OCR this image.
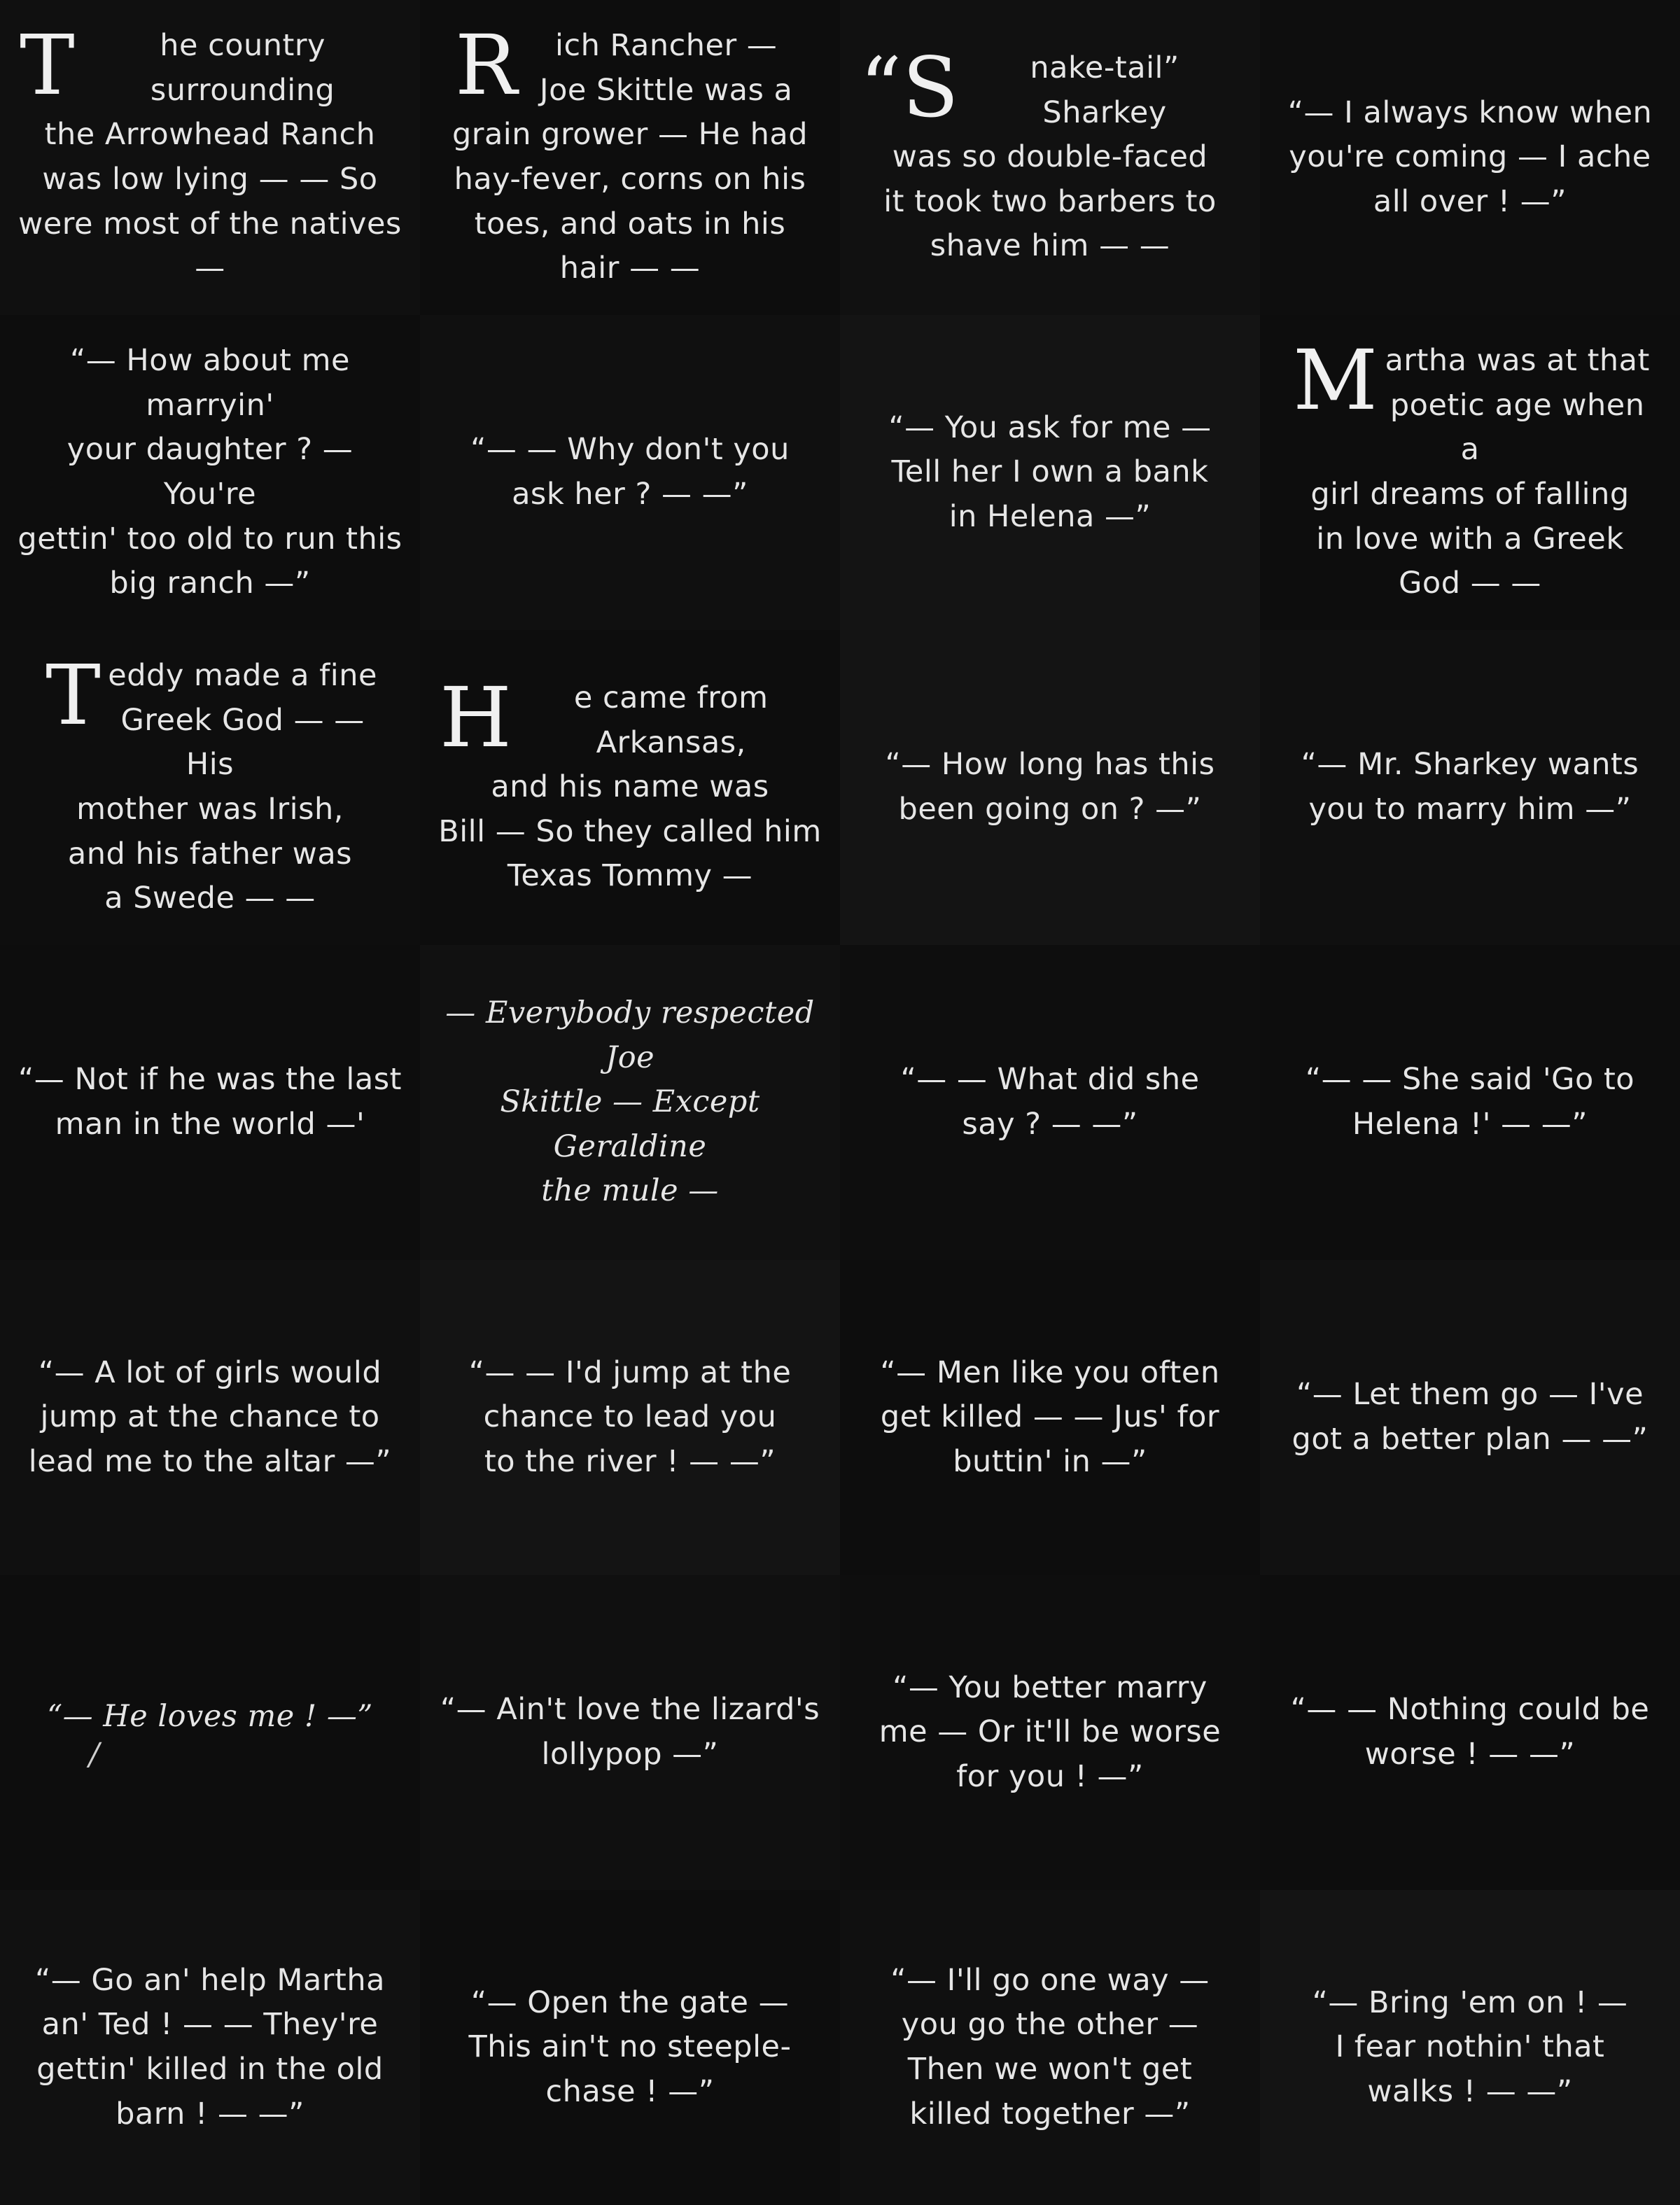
T	he country surrounding
the Arrowhead Ranch
was low lying — — So
were most of the natives—

R ich Rancher —
Joe Skittle was a
grain grower — He had
hay-fever, corns on his
toes, and oats in his
hair — —

“S nake-tail” Sharkey
was so double-faced
it took two barbers to
shave him — —

“— I always know when
you're coming — I ache
all over ! —”

“— How about me marryin'
your daughter ? — You're
gettin' too old to run this
big ranch —”

“— — Why don't you
ask her ? — —”

“— You ask for me —
Tell her I own a bank
in Helena —”

Martha was at that
poetic age when a
girl dreams of falling
in love with a Greek
God — —

Teddy made a fine
Greek God — — His
mother was Irish,
and his father was
a Swede — —

H e came from Arkansas,
and his name was
Bill — So they called him
Texas Tommy —

“— How long has this
been going on ? —”

“— Mr. Sharkey wants
you to marry him —”

“— Not if he was the last
man in the world —'

— Everybody respected Joe
Skittle — Except Geraldine
the mule —

“— — What did she
say ? — —”

“— — She said 'Go to
Helena !' — —”

“— A lot of girls would
jump at the chance to
lead me to the altar —”

“— — I'd jump at the
chance to lead you
to the river ! — —”

“— Men like you often
get killed — — Jus' for
buttin' in —”

“— Let them go — I've
got a better plan — —”

“— He loves me ! —”

/

“— Ain't love the lizard's
lollypop —”

“— You better marry
me — Or it'll be worse
for you ! —”

“— — Nothing could be
worse ! — —”

“— Go an' help Martha
an' Ted ! — — They're
gettin' killed in the old
barn ! — —”

“— Open the gate —
This ain't no steeple-
chase ! —”

“— I'll go one way —
you go the other —
Then we won't get
killed together —”

“— Bring 'em on ! —
I fear nothin' that
walks ! — —”
